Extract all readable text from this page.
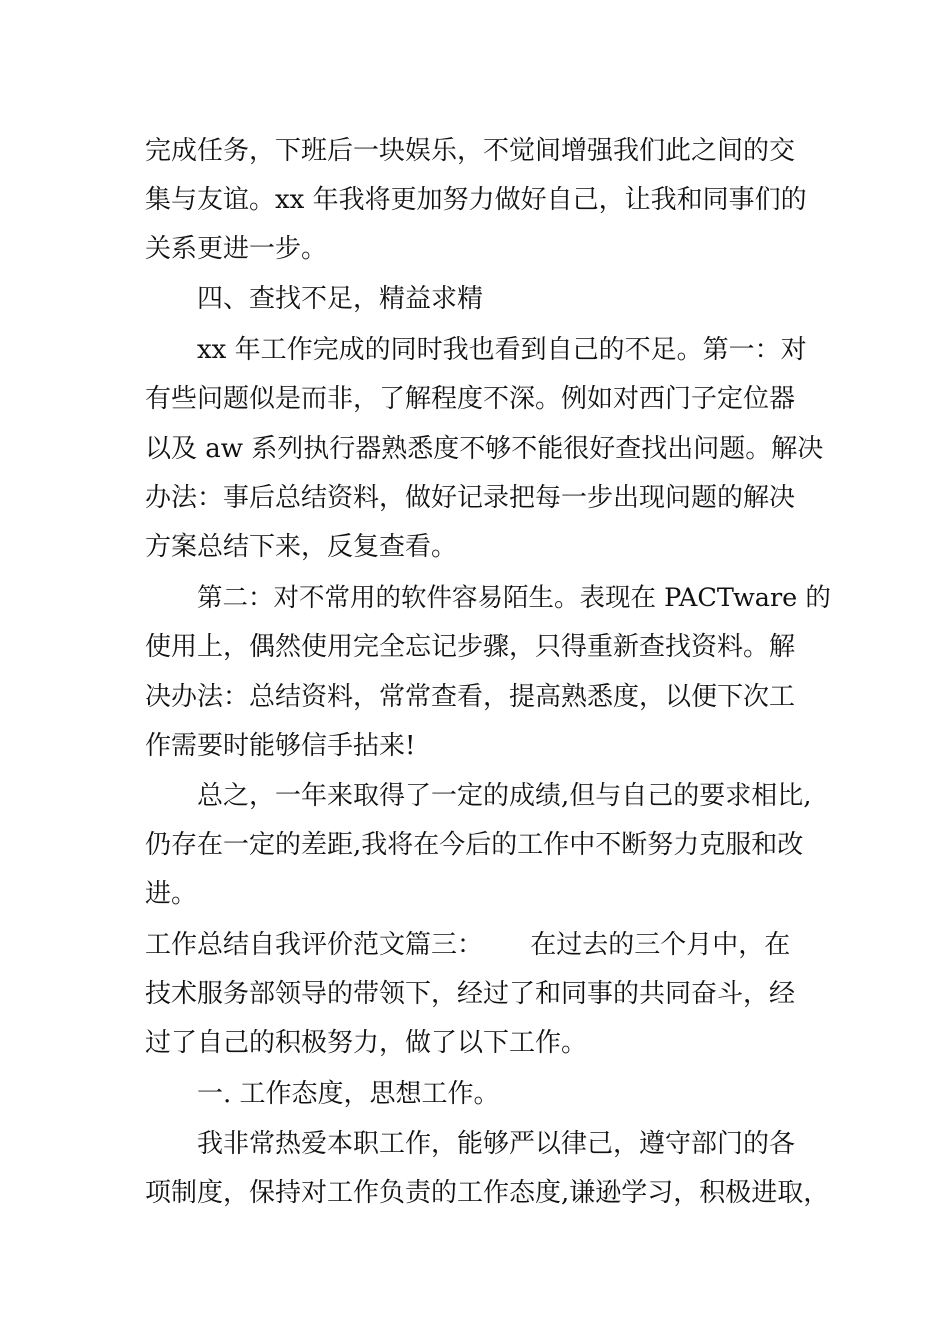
完成任务，下班后一块娱乐，不觉间增强我们此之间的交
集与友谊。xx 年我将更加努力做好自己，让我和同事们的
关系更进一步。
四、查找不足，精益求精
xx 年工作完成的同时我也看到自己的不足。第一：对
有些问题似是而非，了解程度不深。例如对西门子定位器
以及 aw 系列执行器熟悉度不够不能很好查找出问题。解决
办法：事后总结资料，做好记录把每一步出现问题的解决
方案总结下来，反复查看。
第二：对不常用的软件容易陌生。表现在 PACTware 的
使用上，偶然使用完全忘记步骤，只得重新查找资料。解
决办法：总结资料，常常查看，提高熟悉度，以便下次工
作需要时能够信手拈来!
总之，一年来取得了一定的成绩,但与自己的要求相比,
仍存在一定的差距,我将在今后的工作中不断努力克服和改
进。
工作总结自我评价范文篇三：　　 在过去的三个月中，在
技术服务部领导的带领下，经过了和同事的共同奋斗，经
过了自己的积极努力，做了以下工作。
一. 工作态度，思想工作。
我非常热爱本职工作，能够严以律己，遵守部门的各
项制度，保持对工作负责的工作态度,谦逊学习，积极进取，
